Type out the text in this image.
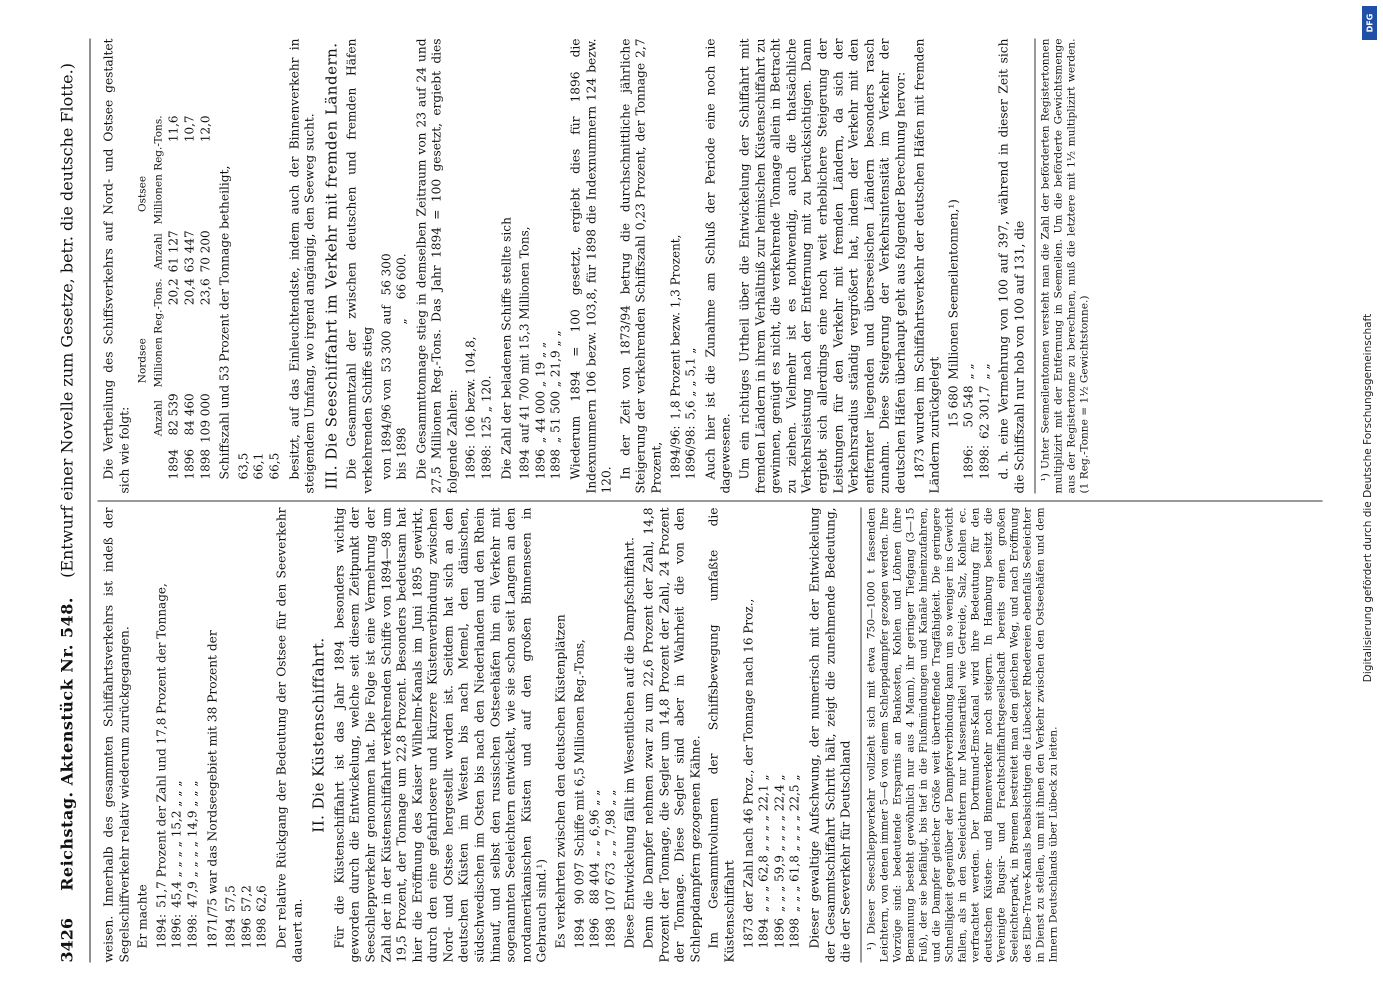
3426 Reichstag. Aktenstück Nr. 548. (Entwurf einer Novelle zum Gesetze, betr. die deutsche Flotte.)

weisen. Innerhalb des gesammten Schiffahrtsverkehrs ist indeß der Segelschiffverkehr relativ wiederum zurückgegangen. Er machte 1894:	51,7 Prozent der Zahl und 17,8 Prozent der Tonnage,
1896:	45,4 „ „ „ „ 15,2 „ „ „
1898:	47,9 „ „ „ „ 14,9 „ „ „ 1871/75 war das Nordseegebiet mit 38 Prozent der 1894	57,5
1896	57,2
1898	62,6 Der relative Rückgang der Bedeutung der Ostsee für den Seeverkehr dauert an.

II. Die Küstenschiffahrt. Für die Küstenschiffahrt ist das Jahr 1894 besonders wichtig geworden durch die Entwickelung, welche seit diesem Zeitpunkt der Seeschleppverkehr genommen hat. Die Folge ist eine Vermehrung der Zahl der in der Küstenschiffahrt verkehrenden Schiffe von 1894—98 um 19,5 Prozent, der Tonnage um 22,8 Prozent. Besonders bedeutsam hat hier die Eröffnung des Kaiser Wilhelm-Kanals im Juni 1895 gewirkt, durch den eine gefahrlosere und kürzere Küstenverbindung zwischen Nord- und Ostsee hergestellt worden ist. Seitdem hat sich an den deutschen Küsten im Westen bis nach Memel, den dänischen, südschwedischen im Osten bis nach den Niederlanden und den Rhein hinauf, und selbst den russischen Ostseehäfen hin ein Verkehr mit sogenannten Seeleichtern entwickelt, wie sie schon seit Langem an den nordamerikanischen Küsten und auf den großen Binnenseen in Gebrauch sind.¹) Es verkehrten zwischen den deutschen Küstenplätzen 1894	90 097	Schiffe mit 6,5 Millionen Reg.-Tons,
1896	88 404	„ „ 6,96 „ „
1898	107 673	„ „ 7,98 „ „ Diese Entwickelung fällt im Wesentlichen auf die Dampfschiffahrt. Denn die Dampfer nehmen zwar zu um 22,6 Prozent der Zahl, 14,8 Prozent der Tonnage, die Segler um 14,8 Prozent der Zahl, 24 Prozent der Tonnage. Diese Segler sind aber in Wahrheit die von den Schleppdampfern gezogenen Kähne. Im Gesammtvolumen der Schiffsbewegung umfaßte die Küstenschiffahrt 1873	der Zahl nach 46 Proz., der Tonnage nach 16 Proz.,
1894	„ „ „ 62,8 „ „ „ „ 22,1 „
1896	„ „ „ 59,9 „ „ „ „ 22,4 „
1898	„ „ „ 61,8 „ „ „ „ 22,5 „ Dieser gewaltige Aufschwung, der numerisch mit der Entwickelung der Gesammtschiffahrt Schritt hält, zeigt die zunehmende Bedeutung, die der Seeverkehr für Deutschland ¹) Dieser Seeschleppverkehr vollzieht sich mit etwa 750—1000 t fassenden Leichtern, von denen immer 5—6 von einem Schleppdampfer gezogen werden. Ihre Vorzüge sind: bedeutende Ersparnis an Bankosten, Kohlen und Löhnen (ihre Bemannung besteht gewöhnlich nur aus 4 Mann), ihr geringer Tiefgang (3—15 Fuß), der sie befähigt, bis tief in die Flußmündungen und Kanäle hineinzufahren, und die Dampfer gleicher Größe weit übertreffende Tragfähigkeit. Die geringere Schnelligkeit gegenüber der Dampferverbindung kann um so weniger ins Gewicht fallen, als in den Seeleichtern nur Massenartikel wie Getreide, Salz, Kohlen ec. verfrachtet werden. Der Dortmund-Ems-Kanal wird ihre Bedeutung für den deutschen Küsten- und Binnenverkehr noch steigern. In Hamburg besitzt die Vereinigte Bugsir- und Frachtschiffahrtsgesellschaft bereits einen großen Seeleichterpark, in Bremen bestreitet man den gleichen Weg, und nach Eröffnung des Elbe-Trave-Kanals beabsichtigen die Lübecker Rhedereien ebenfalls Seeleichter in Dienst zu stellen, um mit ihnen den Verkehr zwischen den Ostseehäfen und dem Innern Deutschlands über Lübeck zu leiten.

Die Vertheilung des Schiffsverkehrs auf Nord- und Ostsee gestaltet sich wie folgt:

	Nordsee		Ostsee	
	Anzahl	Millionen Reg.-Tons.	Anzahl	Millionen Reg.-Tons.
1894	82 539	20,2	61 127	11,6
1896	84 460	20,4	63 447	10,7
1898	109 000	23,6	70 200	12,0

Schiffszahl und 53 Prozent der Tonnage betheiligt, 63,5
66,1
66,5 besitzt, auf das Einleuchtendste, indem auch der Binnenverkehr in steigendem Umfang, wo irgend angängig, den Seeweg sucht. III. Die Seeschiffahrt im Verkehr mit fremden Ländern. Die Gesammtzahl der zwischen deutschen und fremden Häfen verkehrenden Schiffe stieg von 1894/96 von	53 300	auf	56 300
bis 1898		„	66 600. Die Gesammttonnage stieg in demselben Zeitraum von 23 auf 24 und 27,5 Millionen Reg.-Tons. Das Jahr 1894 = 100 gesetzt, ergiebt dies folgende Zahlen: 1896:	106 bezw. 104,8,
1898:	125 „ 120. Die Zahl der beladenen Schiffe stellte sich 1894	auf 41 700 mit 15,3 Millionen Tons,
1896	„ 44 000 „ 19 „ „
1898	„ 51 500 „ 21,9 „ „ Wiederum 1894 = 100 gesetzt, ergiebt dies für 1896 die Indexnummern 106 bezw. 103,8, für 1898 die Indexnummern 124 bezw. 120.

In der Zeit von 1873/94 betrug die durchschnittliche jährliche Steigerung der verkehrenden Schiffszahl 0,23 Prozent, der Tonnage 2,7 Prozent, 1894/96:	1,8 Prozent bezw. 1,3 Prozent,
1896/98:	5,6 „ „ 5,1 „ Auch hier ist die Zunahme am Schluß der Periode eine noch nie dagewesene. Um ein richtiges Urtheil über die Entwickelung der Schiffahrt mit fremden Ländern in ihrem Verhältniß zur heimischen Küstenschiffahrt zu gewinnen, genügt es nicht, die verkehrende Tonnage allein in Betracht zu ziehen. Vielmehr ist es nothwendig, auch die thatsächliche Verkehrsleistung nach der Entfernung mit zu berücksichtigen. Dann ergiebt sich allerdings eine noch weit erheblichere Steigerung der Leistungen für den Verkehr mit fremden Ländern, da sich der Verkehrsradius ständig vergrößert hat, indem der Verkehr mit den entfernter liegenden und überseeischen Ländern besonders rasch zunahm. Diese Steigerung der Verkehrsintensität im Verkehr der deutschen Häfen überhaupt geht aus folgender Berechnung hervor: 1873 wurden im Schiffahrtsverkehr der deutschen Häfen mit fremden Ländern zurückgelegt

	15 680	Millionen Seemeilentonnen,¹)
1896:	50 548	„ „
1898:	62 301,7	„ „ d. h. eine Vermehrung von 100 auf 397, während in dieser Zeit sich die Schiffszahl nur hob von 100 auf 131, die ¹) Unter Seemeilentonnen versteht man die Zahl der beförderten Registertonnen multiplizirt mit der Entfernung in Seemeilen. Um die beförderte Gewichtsmenge aus der Registertonne zu berechnen, muß die letztere mit 1½ multiplizirt werden. (1 Reg.-Tonne = 1½ Gewichtstonne.)

DFG
Digitalisierung gefördert durch die Deutsche Forschungsgemeinschaft
